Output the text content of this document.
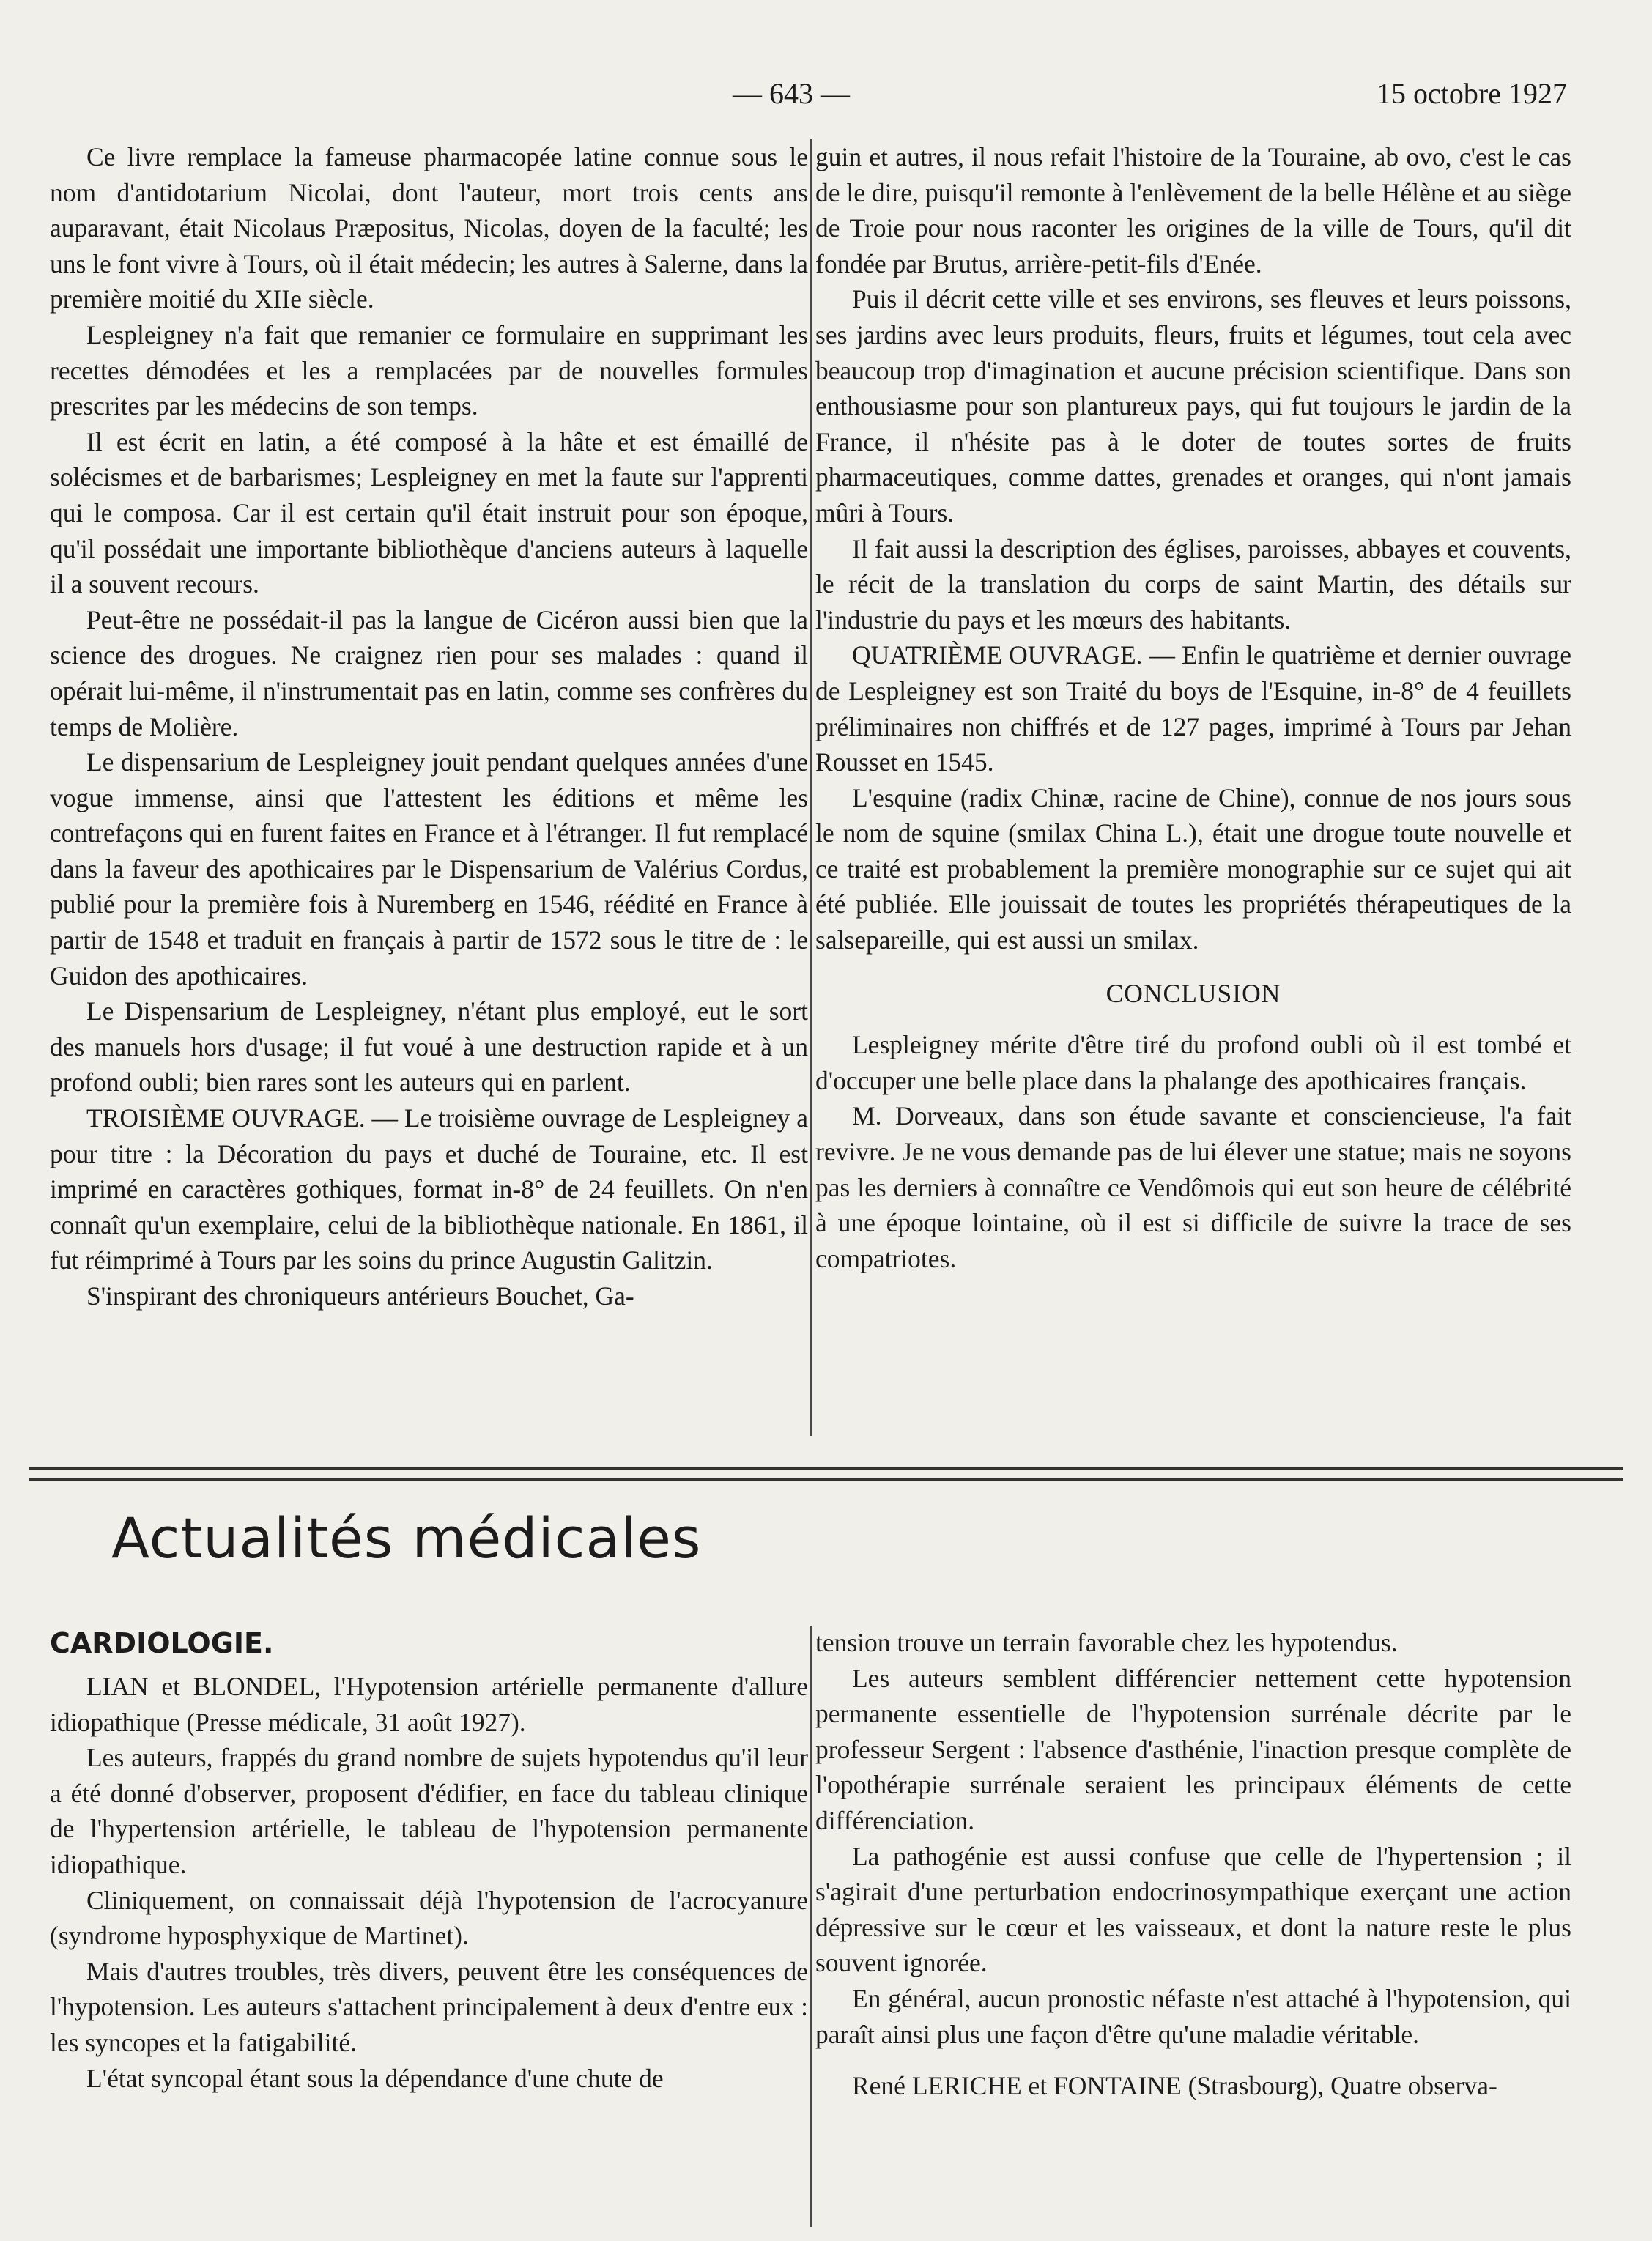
— 643 —	15 octobre 1927

Ce livre remplace la fameuse pharmacopée latine connue sous le nom d'antidotarium Nicolai, dont l'auteur, mort trois cents ans auparavant, était Nicolaus Præpositus, Nicolas, doyen de la faculté; les uns le font vivre à Tours, où il était médecin; les autres à Salerne, dans la première moitié du XIIe siècle.

Lespleigney n'a fait que remanier ce formulaire en supprimant les recettes démodées et les a remplacées par de nouvelles formules prescrites par les médecins de son temps.

Il est écrit en latin, a été composé à la hâte et est émaillé de solécismes et de barbarismes; Lespleigney en met la faute sur l'apprenti qui le composa. Car il est certain qu'il était instruit pour son époque, qu'il possédait une importante bibliothèque d'anciens auteurs à laquelle il a souvent recours.

Peut-être ne possédait-il pas la langue de Cicéron aussi bien que la science des drogues. Ne craignez rien pour ses malades : quand il opérait lui-même, il n'instrumentait pas en latin, comme ses confrères du temps de Molière.

Le dispensarium de Lespleigney jouit pendant quelques années d'une vogue immense, ainsi que l'attestent les éditions et même les contrefaçons qui en furent faites en France et à l'étranger. Il fut remplacé dans la faveur des apothicaires par le Dispensarium de Valérius Cordus, publié pour la première fois à Nuremberg en 1546, réédité en France à partir de 1548 et traduit en français à partir de 1572 sous le titre de : le Guidon des apothicaires.

Le Dispensarium de Lespleigney, n'étant plus employé, eut le sort des manuels hors d'usage; il fut voué à une destruction rapide et à un profond oubli; bien rares sont les auteurs qui en parlent.

TROISIÈME OUVRAGE. — Le troisième ouvrage de Lespleigney a pour titre : la Décoration du pays et duché de Touraine, etc. Il est imprimé en caractères gothiques, format in-8° de 24 feuillets. On n'en connaît qu'un exemplaire, celui de la bibliothèque nationale. En 1861, il fut réimprimé à Tours par les soins du prince Augustin Galitzin.

S'inspirant des chroniqueurs antérieurs Bouchet, Ga-

guin et autres, il nous refait l'histoire de la Touraine, ab ovo, c'est le cas de le dire, puisqu'il remonte à l'enlèvement de la belle Hélène et au siège de Troie pour nous raconter les origines de la ville de Tours, qu'il dit fondée par Brutus, arrière-petit-fils d'Enée.

Puis il décrit cette ville et ses environs, ses fleuves et leurs poissons, ses jardins avec leurs produits, fleurs, fruits et légumes, tout cela avec beaucoup trop d'imagination et aucune précision scientifique. Dans son enthousiasme pour son plantureux pays, qui fut toujours le jardin de la France, il n'hésite pas à le doter de toutes sortes de fruits pharmaceutiques, comme dattes, grenades et oranges, qui n'ont jamais mûri à Tours.

Il fait aussi la description des églises, paroisses, abbayes et couvents, le récit de la translation du corps de saint Martin, des détails sur l'industrie du pays et les mœurs des habitants.

QUATRIÈME OUVRAGE. — Enfin le quatrième et dernier ouvrage de Lespleigney est son Traité du boys de l'Esquine, in-8° de 4 feuillets préliminaires non chiffrés et de 127 pages, imprimé à Tours par Jehan Rousset en 1545.

L'esquine (radix Chinæ, racine de Chine), connue de nos jours sous le nom de squine (smilax China L.), était une drogue toute nouvelle et ce traité est probablement la première monographie sur ce sujet qui ait été publiée. Elle jouissait de toutes les propriétés thérapeutiques de la salsepareille, qui est aussi un smilax.

CONCLUSION

Lespleigney mérite d'être tiré du profond oubli où il est tombé et d'occuper une belle place dans la phalange des apothicaires français.

M. Dorveaux, dans son étude savante et consciencieuse, l'a fait revivre. Je ne vous demande pas de lui élever une statue; mais ne soyons pas les derniers à connaître ce Vendômois qui eut son heure de célébrité à une époque lointaine, où il est si difficile de suivre la trace de ses compatriotes.

Actualités médicales
CARDIOLOGIE.

LIAN et BLONDEL, l'Hypotension artérielle permanente d'allure idiopathique (Presse médicale, 31 août 1927).

Les auteurs, frappés du grand nombre de sujets hypotendus qu'il leur a été donné d'observer, proposent d'édifier, en face du tableau clinique de l'hypertension artérielle, le tableau de l'hypotension permanente idiopathique.

Cliniquement, on connaissait déjà l'hypotension de l'acrocyanure (syndrome hyposphyxique de Martinet).

Mais d'autres troubles, très divers, peuvent être les conséquences de l'hypotension. Les auteurs s'attachent principalement à deux d'entre eux : les syncopes et la fatigabilité.

L'état syncopal étant sous la dépendance d'une chute de

tension trouve un terrain favorable chez les hypotendus.

Les auteurs semblent différencier nettement cette hypotension permanente essentielle de l'hypotension surrénale décrite par le professeur Sergent : l'absence d'asthénie, l'inaction presque complète de l'opothérapie surrénale seraient les principaux éléments de cette différenciation.

La pathogénie est aussi confuse que celle de l'hypertension ; il s'agirait d'une perturbation endocrinosympathique exerçant une action dépressive sur le cœur et les vaisseaux, et dont la nature reste le plus souvent ignorée.

En général, aucun pronostic néfaste n'est attaché à l'hypotension, qui paraît ainsi plus une façon d'être qu'une maladie véritable.

René LERICHE et FONTAINE (Strasbourg), Quatre observa-
